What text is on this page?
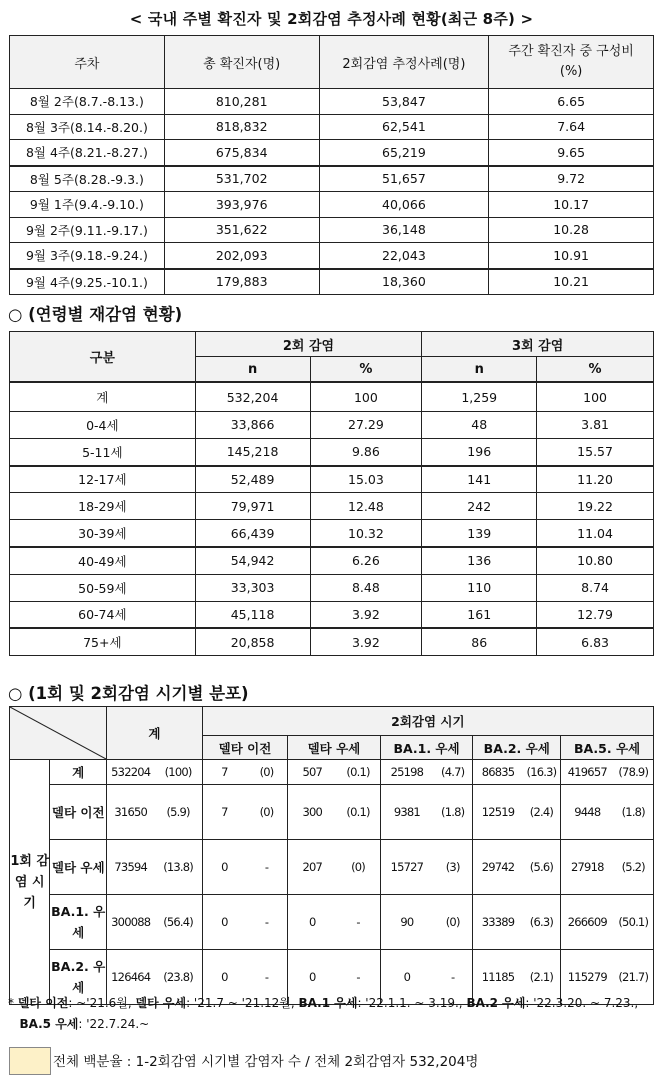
< 국내 주별 확진자 및 2회감염 추정사례 현황(최근 8주) >
주차	총 확진자(명)	2회감염 추정사례(명)	주간 확진자 중 구성비 (%)
8월 2주(8.7.-8.13.)	810,281	53,847	6.65
8월 3주(8.14.-8.20.)	818,832	62,541	7.64
8월 4주(8.21.-8.27.)	675,834	65,219	9.65
8월 5주(8.28.-9.3.)	531,702	51,657	9.72
9월 1주(9.4.-9.10.)	393,976	40,066	10.17
9월 2주(9.11.-9.17.)	351,622	36,148	10.28
9월 3주(9.18.-9.24.)	202,093	22,043	10.91
9월 4주(9.25.-10.1.)	179,883	18,360	10.21
○ (연령별 재감염 현황)
구분	2회 감염		3회 감염	
	n	%	n	%
계	532,204	100	1,259	100
0-4세	33,866	27.29	48	3.81
5-11세	145,218	9.86	196	15.57
12-17세	52,489	15.03	141	11.20
18-29세	79,971	12.48	242	19.22
30-39세	66,439	10.32	139	11.04
40-49세	54,942	6.26	136	10.80
50-59세	33,303	8.48	110	8.74
60-74세	45,118	3.92	161	12.79
75+세	20,858	3.92	86	6.83
○ (1회 및 2회감염 시기별 분포)
	계		2회감염 시기									
				델타 이전		델타 우세		BA.1. 우세		BA.2. 우세		BA.5. 우세	
1회 감염 시기	계	532204	(100)	7	(0)	507	(0.1)	25198	(4.7)	86835	(16.3)	419657	(78.9)
	델타 이전	31650	(5.9)	7	(0)	300	(0.1)	9381	(1.8)	12519	(2.4)	9448	(1.8)
	델타 우세	73594	(13.8)	0	-	207	(0)	15727	(3)	29742	(5.6)	27918	(5.2)
	BA.1. 우세	300088	(56.4)	0	-	0	-	90	(0)	33389	(6.3)	266609	(50.1)
	BA.2. 우세	126464	(23.8)	0	-	0	-	0	-	11185	(2.1)	115279	(21.7)
* 델타 이전: ~'21.6월, 델타 우세: '21.7 ~ '21.12월, BA.1 우세: '22.1.1. ~ 3.19., BA.2 우세: '22.3.20. ~ 7.23.,
BA.5 우세: '22.7.24.~
전체 백분율 : 1-2회감염 시기별 감염자 수 / 전체 2회감염자 532,204명
